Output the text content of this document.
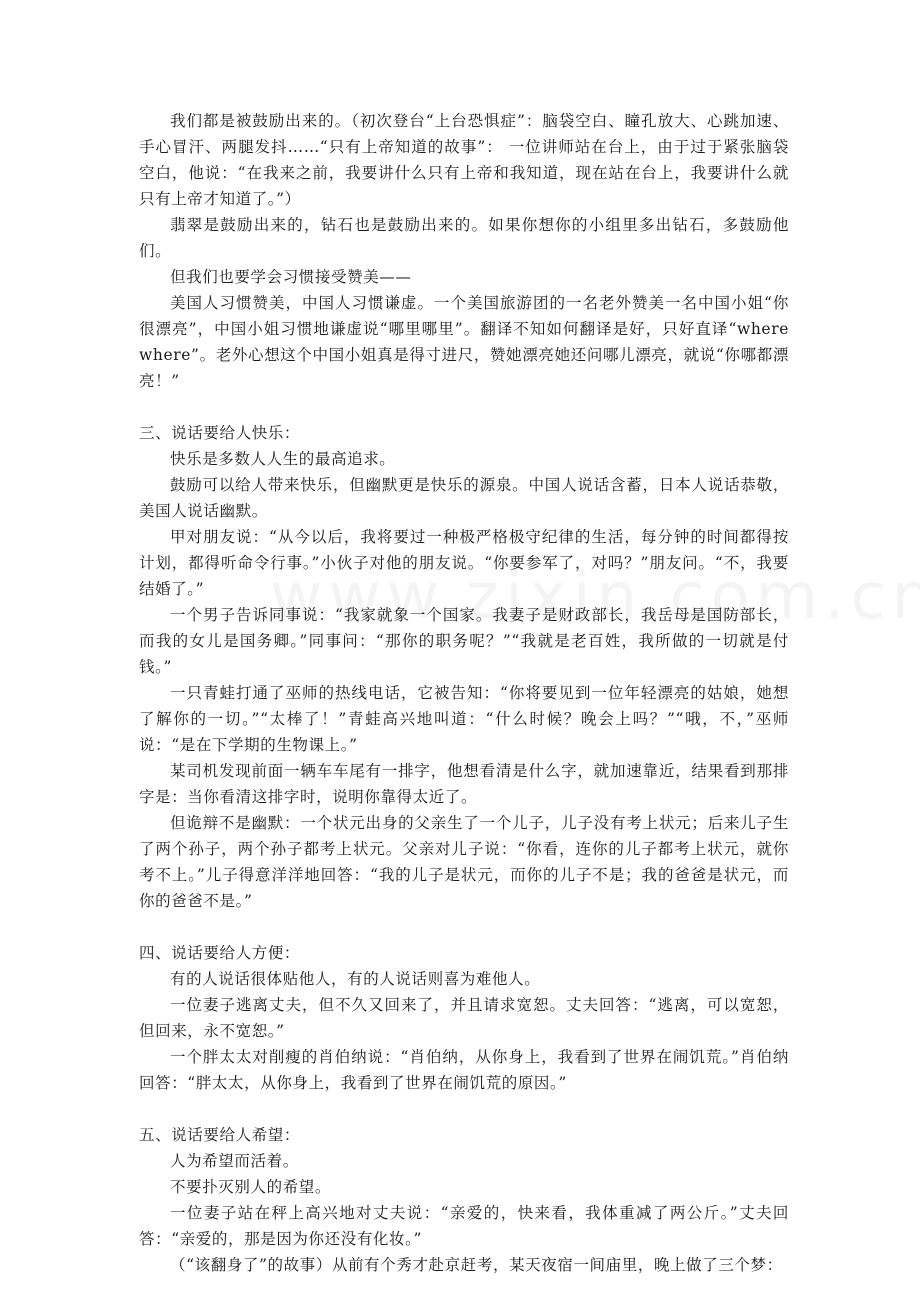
我们都是被鼓励出来的。（初次登台“上台恐惧症”：脑袋空白、瞳孔放大、心跳加速、手心冒汗、两腿发抖……“只有上帝知道的故事”： 一位讲师站在台上，由于过于紧张脑袋空白，他说：“在我来之前，我要讲什么只有上帝和我知道，现在站在台上，我要讲什么就只有上帝才知道了。”）

翡翠是鼓励出来的，钻石也是鼓励出来的。如果你想你的小组里多出钻石，多鼓励他们。

但我们也要学会习惯接受赞美——

美国人习惯赞美，中国人习惯谦虚。一个美国旅游团的一名老外赞美一名中国小姐“你很漂亮”，中国小姐习惯地谦虚说“哪里哪里”。翻译不知如何翻译是好，只好直译“where where”。老外心想这个中国小姐真是得寸进尺，赞她漂亮她还问哪儿漂亮，就说“你哪都漂亮！”

三、说话要给人快乐：

快乐是多数人人生的最高追求。

鼓励可以给人带来快乐，但幽默更是快乐的源泉。中国人说话含蓄，日本人说话恭敬，美国人说话幽默。

甲对朋友说：“从今以后，我将要过一种极严格极守纪律的生活，每分钟的时间都得按计划，都得听命令行事。”小伙子对他的朋友说。“你要参军了，对吗？”朋友问。“不，我要结婚了。”

一个男子告诉同事说：“我家就象一个国家。我妻子是财政部长，我岳母是国防部长，而我的女儿是国务卿。”同事问：“那你的职务呢？”“我就是老百姓，我所做的一切就是付钱。”

一只青蛙打通了巫师的热线电话，它被告知：“你将要见到一位年轻漂亮的姑娘，她想了解你的一切。”“太棒了！”青蛙高兴地叫道：“什么时候？晚会上吗？”“哦，不，”巫师说：“是在下学期的生物课上。”

某司机发现前面一辆车车尾有一排字，他想看清是什么字，就加速靠近，结果看到那排字是：当你看清这排字时，说明你靠得太近了。

但诡辩不是幽默：一个状元出身的父亲生了一个儿子，儿子没有考上状元；后来儿子生了两个孙子，两个孙子都考上状元。父亲对儿子说：“你看，连你的儿子都考上状元，就你考不上。”儿子得意洋洋地回答：“我的儿子是状元，而你的儿子不是；我的爸爸是状元，而你的爸爸不是。”

四、说话要给人方便：

有的人说话很体贴他人，有的人说话则喜为难他人。

一位妻子逃离丈夫，但不久又回来了，并且请求宽恕。丈夫回答：“逃离，可以宽恕，但回来，永不宽恕。”

一个胖太太对削瘦的肖伯纳说：“肖伯纳，从你身上，我看到了世界在闹饥荒。”肖伯纳回答：“胖太太，从你身上，我看到了世界在闹饥荒的原因。”

五、说话要给人希望：

人为希望而活着。

不要扑灭别人的希望。

一位妻子站在秤上高兴地对丈夫说：“亲爱的，快来看，我体重减了两公斤。”丈夫回答：“亲爱的，那是因为你还没有化妆。”

（“该翻身了”的故事）从前有个秀才赴京赶考，某天夜宿一间庙里，晚上做了三个梦：
